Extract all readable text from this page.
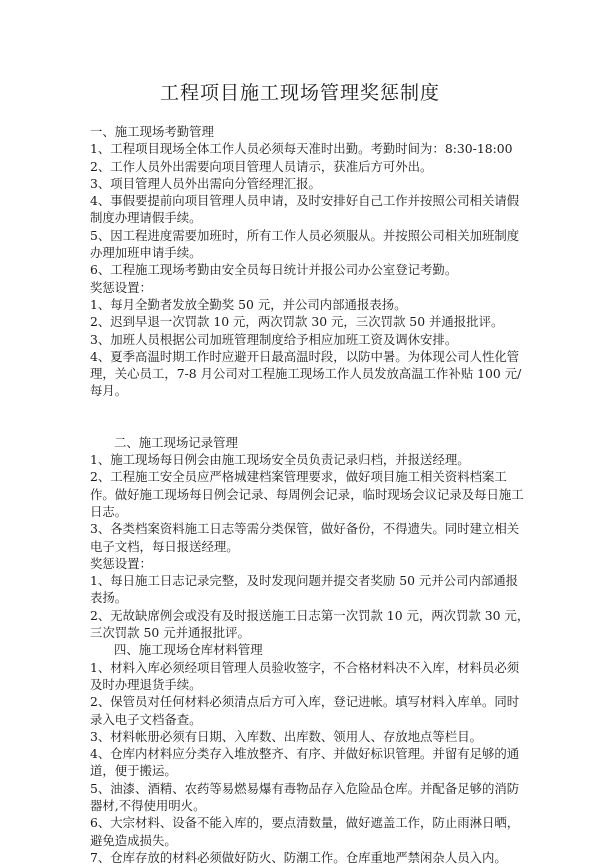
工程项目施工现场管理奖惩制度

一、施工现场考勤管理

1、工程项目现场全体工作人员必须每天准时出勤。考勤时间为：8:30-18:00

2、工作人员外出需要向项目管理人员请示，获准后方可外出。

3、项目管理人员外出需向分管经理汇报。

4、事假要提前向项目管理人员申请，及时安排好自己工作并按照公司相关请假制度办理请假手续。

5、因工程进度需要加班时，所有工作人员必须服从。并按照公司相关加班制度办理加班申请手续。

6、工程施工现场考勤由安全员每日统计并报公司办公室登记考勤。

奖惩设置：

1、每月全勤者发放全勤奖 50 元，并公司内部通报表扬。

2、迟到早退一次罚款 10 元，两次罚款 30 元，三次罚款 50 并通报批评。

3、加班人员根据公司加班管理制度给予相应加班工资及调休安排。

4、夏季高温时期工作时应避开日最高温时段，以防中暑。为体现公司人性化管理，关心员工，7-8 月公司对工程施工现场工作人员发放高温工作补贴 100 元/每月。

二、施工现场记录管理

1、施工现场每日例会由施工现场安全员负责记录归档，并报送经理。

2、工程施工安全员应严格城建档案管理要求，做好项目施工相关资料档案工作。做好施工现场每日例会记录、每周例会记录，临时现场会议记录及每日施工日志。

3、各类档案资料施工日志等需分类保管，做好备份，不得遗失。同时建立相关电子文档，每日报送经理。

奖惩设置：

1、每日施工日志记录完整，及时发现问题并提交者奖励 50 元并公司内部通报表扬。

2、无故缺席例会或没有及时报送施工日志第一次罚款 10 元，两次罚款 30 元，三次罚款 50 元并通报批评。

四、施工现场仓库材料管理

1、材料入库必须经项目管理人员验收签字，不合格材料决不入库，材料员必须及时办理退货手续。

2、保管员对任何材料必须清点后方可入库，登记进帐。填写材料入库单。同时录入电子文档备查。

3、材料帐册必须有日期、入库数、出库数、领用人、存放地点等栏目。

4、仓库内材料应分类存入堆放整齐、有序、并做好标识管理。并留有足够的通道，便于搬运。

5、油漆、酒精、农药等易燃易爆有毒物品存入危险品仓库。并配备足够的消防器材,不得使用明火。

6、大宗材料、设备不能入库的，要点清数量，做好遮盖工作，防止雨淋日晒，避免造成损失。

7、仓库存放的材料必须做好防火、防潮工作。仓库重地严禁闲杂人员入内。
